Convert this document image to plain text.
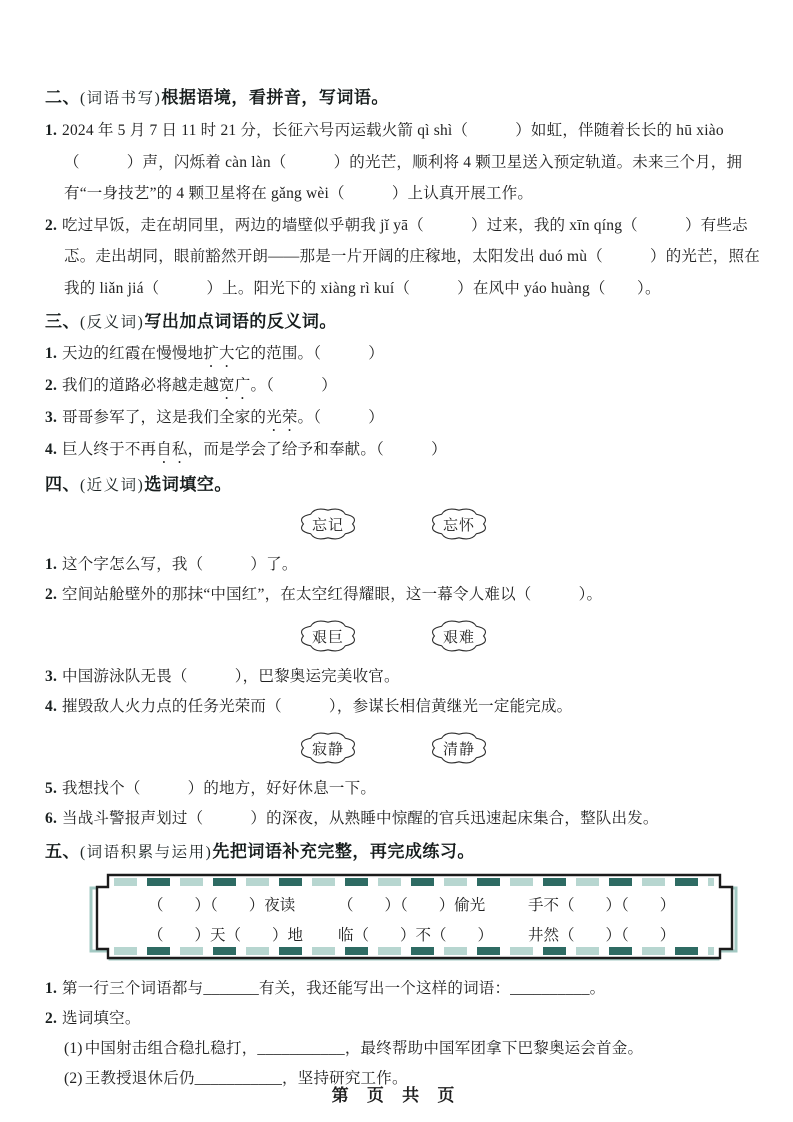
二、(词语书写)根据语境，看拼音，写词语。
1. 2024 年 5 月 7 日 11 时 21 分，长征六号丙运载火箭 qì shì（　　　）如虹，伴随着长长的 hū xiào（　　　）声，闪烁着 càn làn（　　　）的光芒，顺利将 4 颗卫星送入预定轨道。未来三个月，拥有“一身技艺”的 4 颗卫星将在 gǎng wèi（　　　）上认真开展工作。
2. 吃过早饭，走在胡同里，两边的墙壁似乎朝我 jǐ yā（　　　）过来，我的 xīn qíng（　　　）有些忐忑。走出胡同，眼前豁然开朗——那是一片开阔的庄稼地，太阳发出 duó mù（　　　）的光芒，照在我的 liǎn jiá（　　　）上。阳光下的 xiàng rì kuí（　　　）在风中 yáo huàng（　　）。
三、(反义词)写出加点词语的反义词。
1. 天边的红霞在慢慢地扩大它的范围。（　　　）
2. 我们的道路必将越走越宽广。（　　　）
3. 哥哥参军了，这是我们全家的光荣。（　　　）
4. 巨人终于不再自私，而是学会了给予和奉献。（　　　）
四、(近义词)选词填空。
忘记	忘怀
1. 这个字怎么写，我（　　　）了。
2. 空间站舱壁外的那抹“中国红”，在太空红得耀眼，这一幕令人难以（　　　）。
艰巨	艰难
3. 中国游泳队无畏（　　　），巴黎奥运完美收官。
4. 摧毁敌人火力点的任务光荣而（　　　），参谋长相信黄继光一定能完成。
寂静	清静
5. 我想找个（　　　）的地方，好好休息一下。
6. 当战斗警报声划过（　　　）的深夜，从熟睡中惊醒的官兵迅速起床集合，整队出发。
五、(词语积累与运用)先把词语补充完整，再完成练习。
（　　）（　　）夜读	（　　）（　　）偷光	手不（　　）（　　）
（　　）天（　　）地	临（　　）不（　　）	井然（　　）（　　）
1. 第一行三个词语都与_______有关，我还能写出一个这样的词语：__________。
2. 选词填空。
(1) 中国射击组合稳扎稳打，___________，最终帮助中国军团拿下巴黎奥运会首金。
(2) 王教授退休后仍___________，坚持研究工作。
第 页 共 页
